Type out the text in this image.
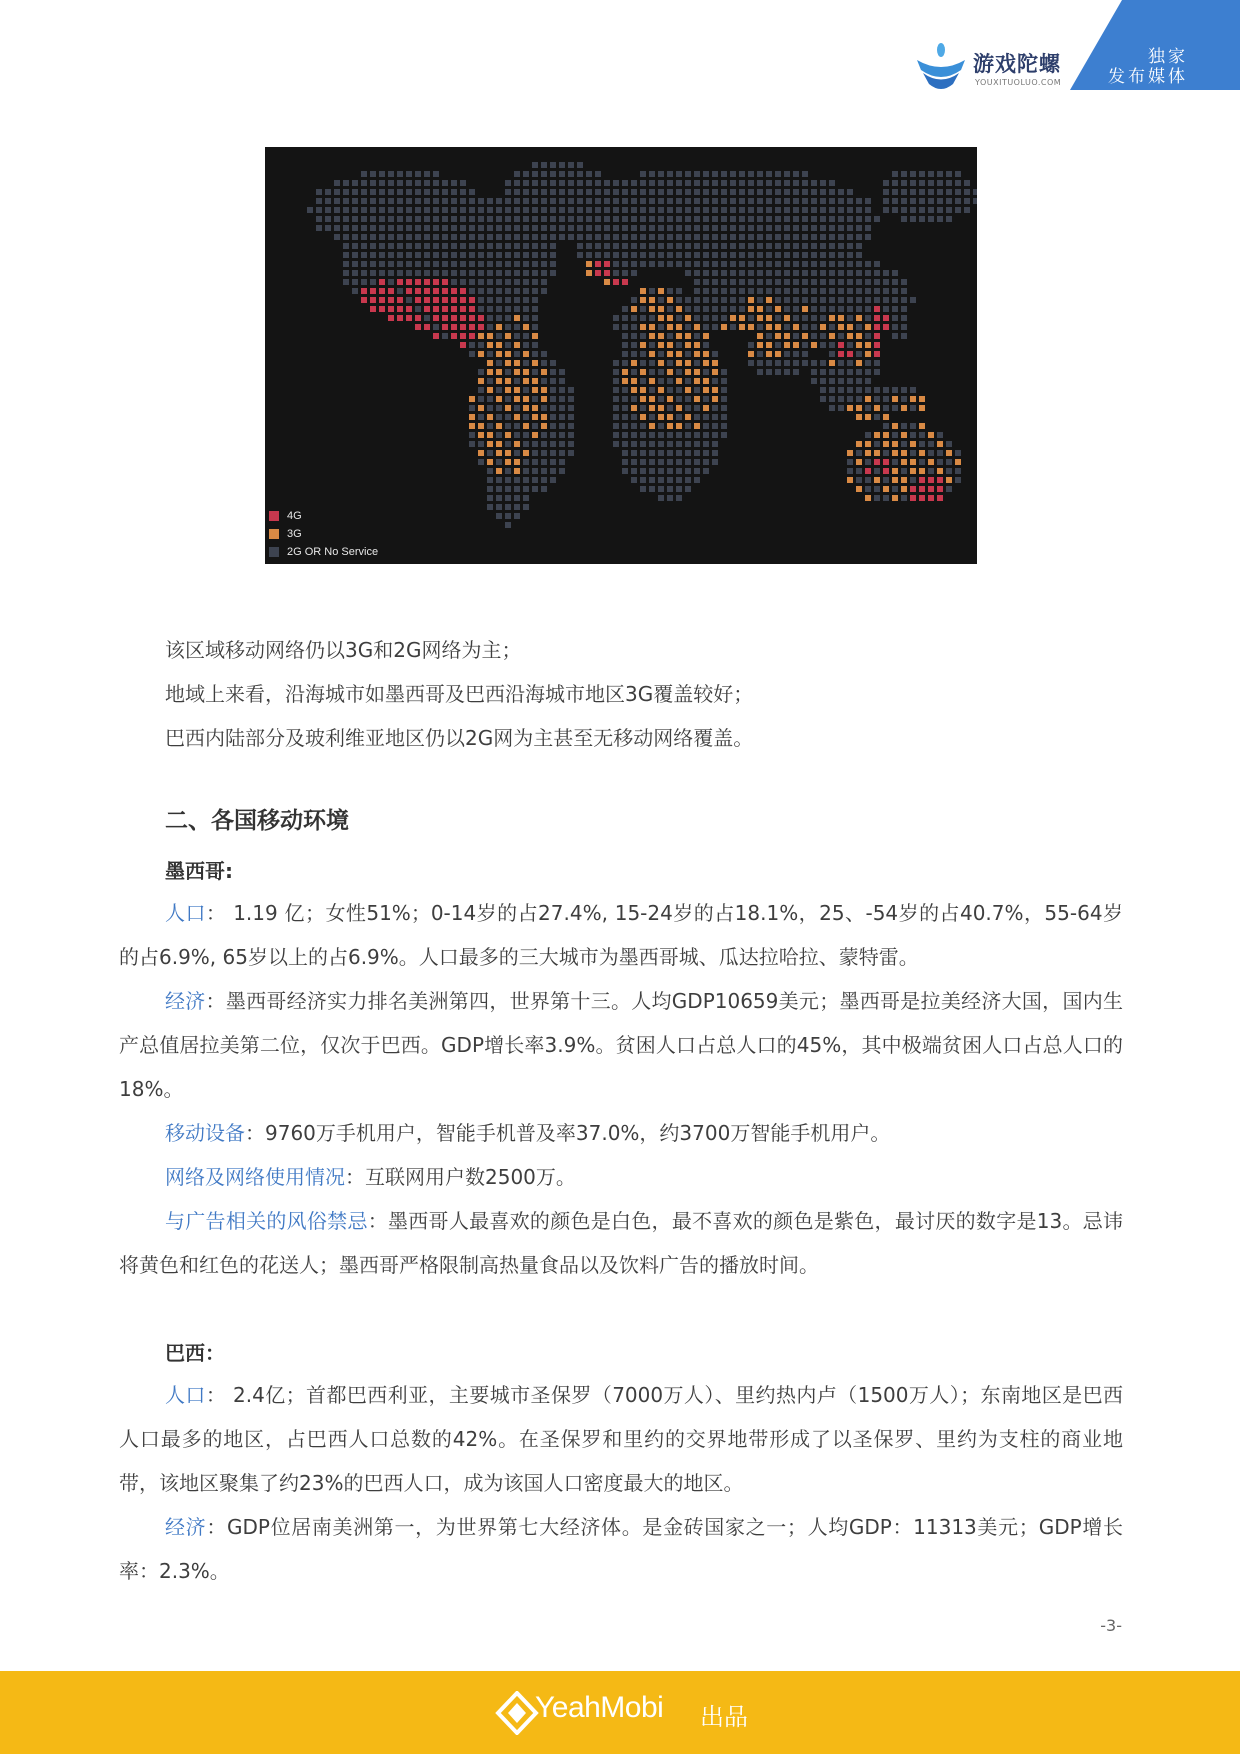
游戏陀螺
YOUXITUOLUO.COM
独家
发布媒体
4G
3G
2G OR No Service

该区域移动网络仍以3G和2G网络为主；

地域上来看，沿海城市如墨西哥及巴西沿海城市地区3G覆盖较好；

巴西内陆部分及玻利维亚地区仍以2G网为主甚至无移动网络覆盖。

二、各国移动环境
墨西哥:

人口： 1.19 亿；女性51%；0-14岁的占27.4%, 15-24岁的占18.1%，25、-54岁的占40.7%，55-64岁的占6.9%, 65岁以上的占6.9%。人口最多的三大城市为墨西哥城、瓜达拉哈拉、蒙特雷。

经济：墨西哥经济实力排名美洲第四，世界第十三。人均GDP10659美元；墨西哥是拉美经济大国，国内生产总值居拉美第二位，仅次于巴西。GDP增长率3.9%。贫困人口占总人口的45%，其中极端贫困人口占总人口的18%。

移动设备：9760万手机用户，智能手机普及率37.0%，约3700万智能手机用户。

网络及网络使用情况：互联网用户数2500万。

与广告相关的风俗禁忌：墨西哥人最喜欢的颜色是白色，最不喜欢的颜色是紫色，最讨厌的数字是13。忌讳将黄色和红色的花送人；墨西哥严格限制高热量食品以及饮料广告的播放时间。

巴西：

人口： 2.4亿；首都巴西利亚，主要城市圣保罗（7000万人）、里约热内卢（1500万人）；东南地区是巴西人口最多的地区，占巴西人口总数的42%。在圣保罗和里约的交界地带形成了以圣保罗、里约为支柱的商业地带，该地区聚集了约23%的巴西人口，成为该国人口密度最大的地区。

经济：GDP位居南美洲第一，为世界第七大经济体。是金砖国家之一；人均GDP：11313美元；GDP增长率：2.3%。

-3-
YeahMobi 出品
